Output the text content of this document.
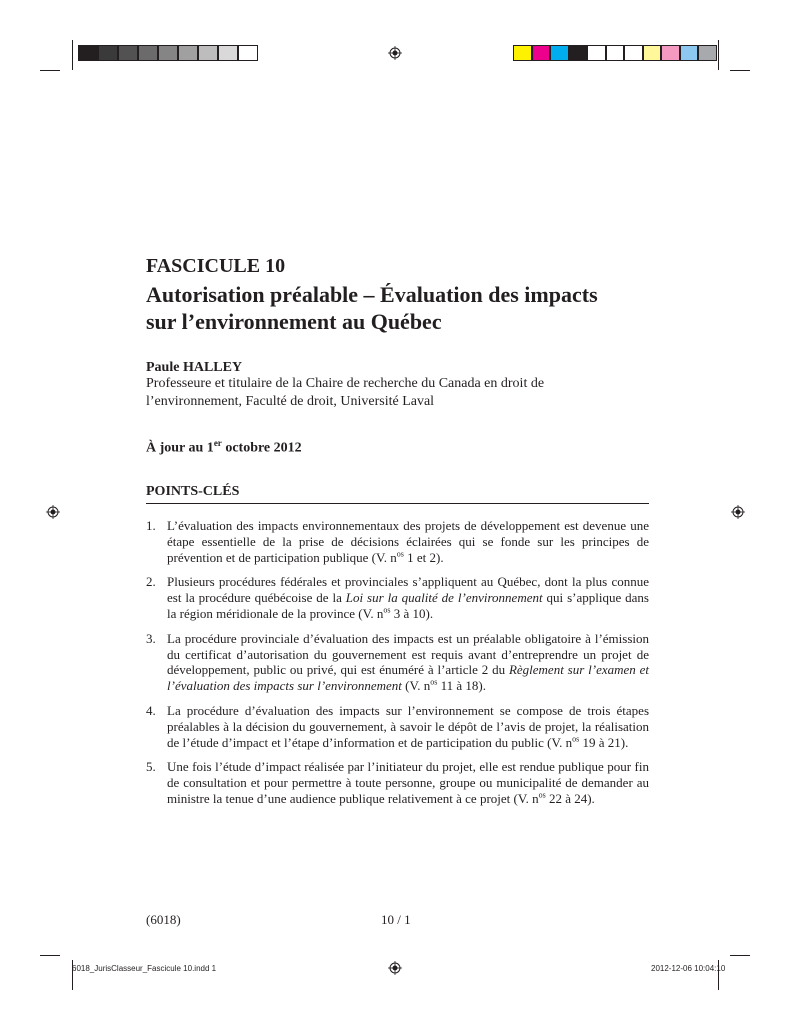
FASCICULE 10
Autorisation préalable – Évaluation des impacts
sur l’environnement au Québec
Paule HALLEY
Professeure et titulaire de la Chaire de recherche du Canada en droit de
l’environnement, Faculté de droit, Université Laval
À jour au 1er octobre 2012
POINTS-CLÉS
1. L’évaluation des impacts environnementaux des projets de développement est devenue une étape essentielle de la prise de décisions éclairées qui se fonde sur les principes de prévention et de participation publique (V. $n^{os}$ 1 et 2).
2. Plusieurs procédures fédérales et provinciales s’appliquent au Québec, dont la plus connue est la procédure québécoise de la Loi sur la qualité de l’environnement qui s’applique dans la région méridionale de la province (V. $n^{os}$ 3 à 10).
3. La procédure provinciale d’évaluation des impacts est un préalable obligatoire à l’émission du certificat d’autorisation du gouvernement est requis avant d’entreprendre un projet de développement, public ou privé, qui est énuméré à l’article 2 du Règlement sur l’examen et l’évaluation des impacts sur l’environnement (V. $n^{os}$ 11 à 18).
4. La procédure d’évaluation des impacts sur l’environnement se compose de trois étapes préalables à la décision du gouvernement, à savoir le dépôt de l’avis de projet, la réalisation de l’étude d’impact et l’étape d’information et de participation du public (V. $n^{os}$ 19 à 21).
5. Une fois l’étude d’impact réalisée par l’initiateur du projet, elle est rendue publique pour fin de consultation et pour permettre à toute personne, groupe ou municipalité de demander au ministre la tenue d’une audience publique relativement à ce projet (V. $n^{os}$ 22 à 24).
(6018)	10 / 1
6018_JurisClasseur_Fascicule 10.indd 1	2012-12-06 10:04:10
